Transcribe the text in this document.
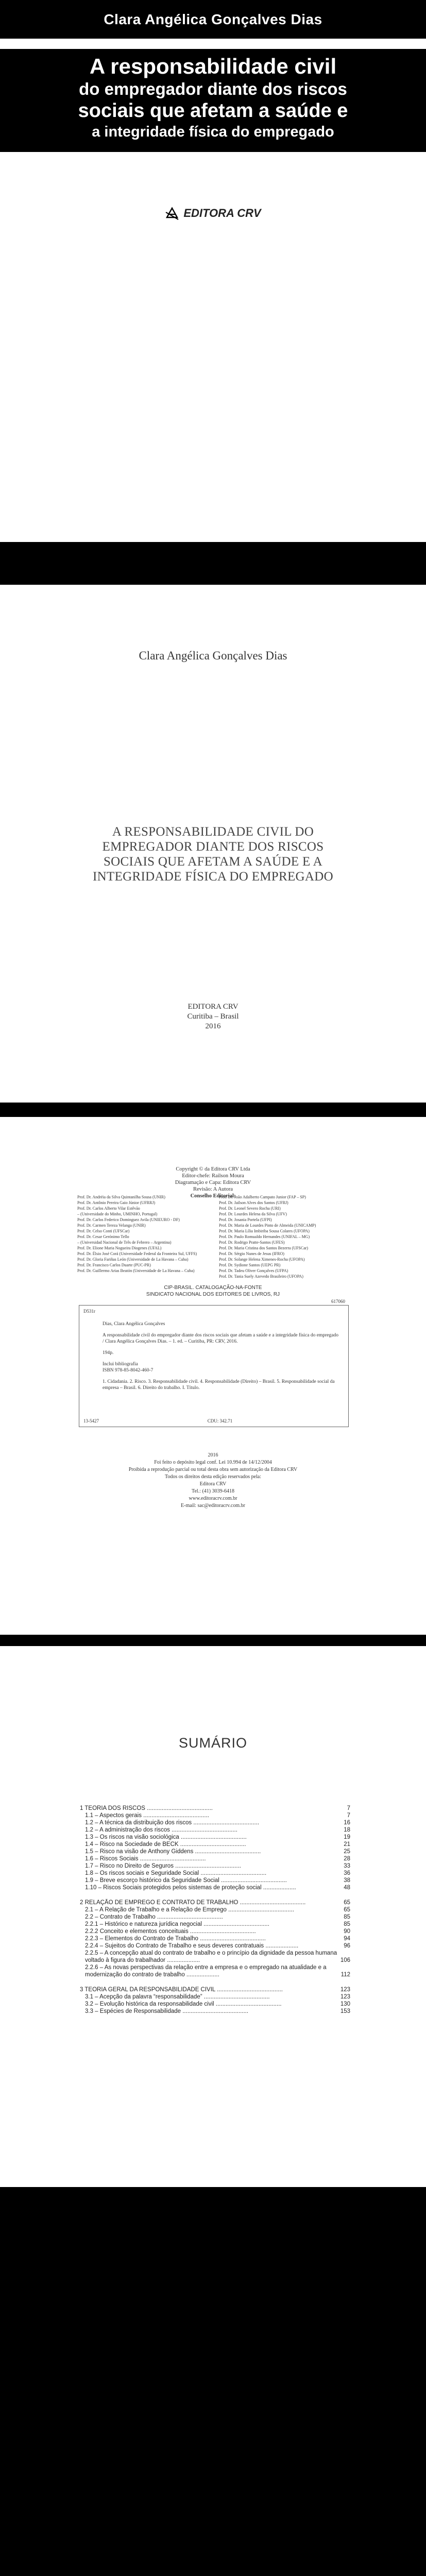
Clara Angélica Gonçalves Dias
A responsabilidade civil
do empregador diante dos riscos
sociais que afetam a saúde e
a integridade física do empregado
EDITORA CRV
Clara Angélica Gonçalves Dias
A RESPONSABILIDADE CIVIL DO EMPREGADOR DIANTE DOS RISCOS SOCIAIS QUE AFETAM A SAÚDE E A INTEGRIDADE FÍSICA DO EMPREGADO
EDITORA CRV
Curitiba – Brasil
2016
Copyright © da Editora CRV Ltda
Editor-chefe: Railson Moura
Diagramação e Capa: Editora CRV
Revisão: A Autora
Conselho Editorial:
Prof. Dr. Andréia da Silva Quintanilha Sousa (UNIR)
Prof. Dr. Antônio Pereira Gaio Júnior (UFRRJ)
Prof. Dr. Carlos Alberto Vilar Estêvão
– (Universidade do Minho, UMINHO, Portugal)
Prof. Dr. Carlos Federico Dominguez Avila (UNIEURO - DF)
Prof. Dr. Carmen Tereza Velanga (UNIR)
Prof. Dr. Celso Conti (UFSCar)
Prof. Dr. Cesar Gerónimo Tello
– (Universidad Nacional de Três de Febrero – Argentina)
Prof. Dr. Elione Maria Nogueira Diogenes (UFAL)
Prof. Dr. Élsio José Corá (Universidade Federal da Fronteira Sul, UFFS)
Prof. Dr. Gloria Fariñas León (Universidade de La Havana – Cuba)
Prof. Dr. Francisco Carlos Duarte (PUC-PR)
Prof. Dr. Guillermo Arias Beatón (Universidade de La Havana – Cuba)
Prof. Dr. João Adalberto Campato Junior (FAP – SP)
Prof. Dr. Jailson Alves dos Santos (UFRJ)
Prof. Dr. Leonel Severo Rocha (URI)
Prof. Dr. Lourdes Helena da Silva (UFV)
Prof. Dr. Josania Portela (UFPI)
Prof. Dr. Maria de Lourdes Pinto de Almeida (UNICAMP)
Prof. Dr. Maria Lília Imbiriba Sousa Colares (UFOPA)
Prof. Dr. Paulo Romualdo Hernandes (UNIFAL – MG)
Prof. Dr. Rodrigo Pratte-Santos (UFES)
Prof. Dr. Maria Cristina dos Santos Bezerra (UFSCar)
Prof. Dr. Sérgio Nunes de Jesus (IFRO)
Prof. Dr. Solange Helena Ximenes-Rocha (UFOPA)
Prof. Dr. Sydione Santos (UEPG PR)
Prof. Dr. Tadeu Oliver Gonçalves (UFPA)
Prof. Dr. Tania Suely Azevedo Brasileiro (UFOPA)
CIP-BRASIL. CATALOGAÇÃO-NA-FONTE
SINDICATO NACIONAL DOS EDITORES DE LIVROS, RJ
D531r
617060

Dias, Clara Angélica Gonçalves

A responsabilidade civil do empregador diante dos riscos sociais que afetam a saúde e a integridade física do empregado / Clara Angélica Gonçalves Dias. – 1. ed. – Curitiba, PR: CRV, 2016.

194p.

Inclui bibliografia

ISBN 978-85-8042-460-7

1. Cidadania. 2. Risco. 3. Responsabilidade civil. 4. Responsabilidade (Direito) – Brasil. 5. Responsabilidade social da empresa – Brasil. 6. Direito do trabalho. I. Título.

13-5427	CDU: 342.71
2016
Foi feito o depósito legal conf. Lei 10.994 de 14/12/2004
Proibida a reprodução parcial ou total desta obra sem autorização da Editora CRV
Todos os direitos desta edição reservados pela:
Editora CRV
Tel.: (41) 3039-6418
www.editoracrv.com.br
E-mail: sac@editoracrv.com.br
SUMÁRIO
1 TEORIA DOS RISCOS ........................................	7
1.1 – Aspectos gerais ........................................	7
1.2 – A técnica da distribuição dos riscos ........................................	16
1.2 – A administração dos riscos ........................................	18
1.3 – Os riscos na visão sociológica ........................................	19
1.4 – Risco na Sociedade de BECK ........................................	21
1.5 – Risco na visão de Anthony Giddens ........................................	25
1.6 – Riscos Sociais ........................................	28
1.7 – Risco no Direito de Seguros ........................................	33
1.8 – Os riscos sociais e Seguridade Social ........................................	36
1.9 – Breve escorço histórico da Seguridade Social ........................................	38
1.10 – Riscos Sociais protegidos pelos sistemas de proteção social ....................	48
2 RELAÇÃO DE EMPREGO E CONTRATO DE TRABALHO ........................................	65
2.1 – A Relação de Trabalho e a Relação de Emprego ........................................	65
2.2 – Contrato de Trabalho ........................................	85
2.2.1 – Histórico e natureza jurídica negocial ........................................	85
2.2.2 Conceito e elementos conceituais ........................................	90
2.2.3 – Elementos do Contrato de Trabalho ........................................	94
2.2.4 – Sujeitos do Contrato de Trabalho e seus deveres contratuais ....................	96
2.2.5 – A concepção atual do contrato de trabalho e o princípio da dignidade da pessoa humana voltado à figura do trabalhador ....................	106
2.2.6 – As novas perspectivas da relação entre a empresa e o empregado na atualidade e a modernização do contrato de trabalho ....................	112
3 TEORIA GERAL DA RESPONSABILIDADE CIVIL ........................................	123
3.1 – Acepção da palavra “responsabilidade” ........................................	123
3.2 – Evolução histórica da responsabilidade civil ........................................	130
3.3 – Espécies de Responsabilidade ........................................	153
